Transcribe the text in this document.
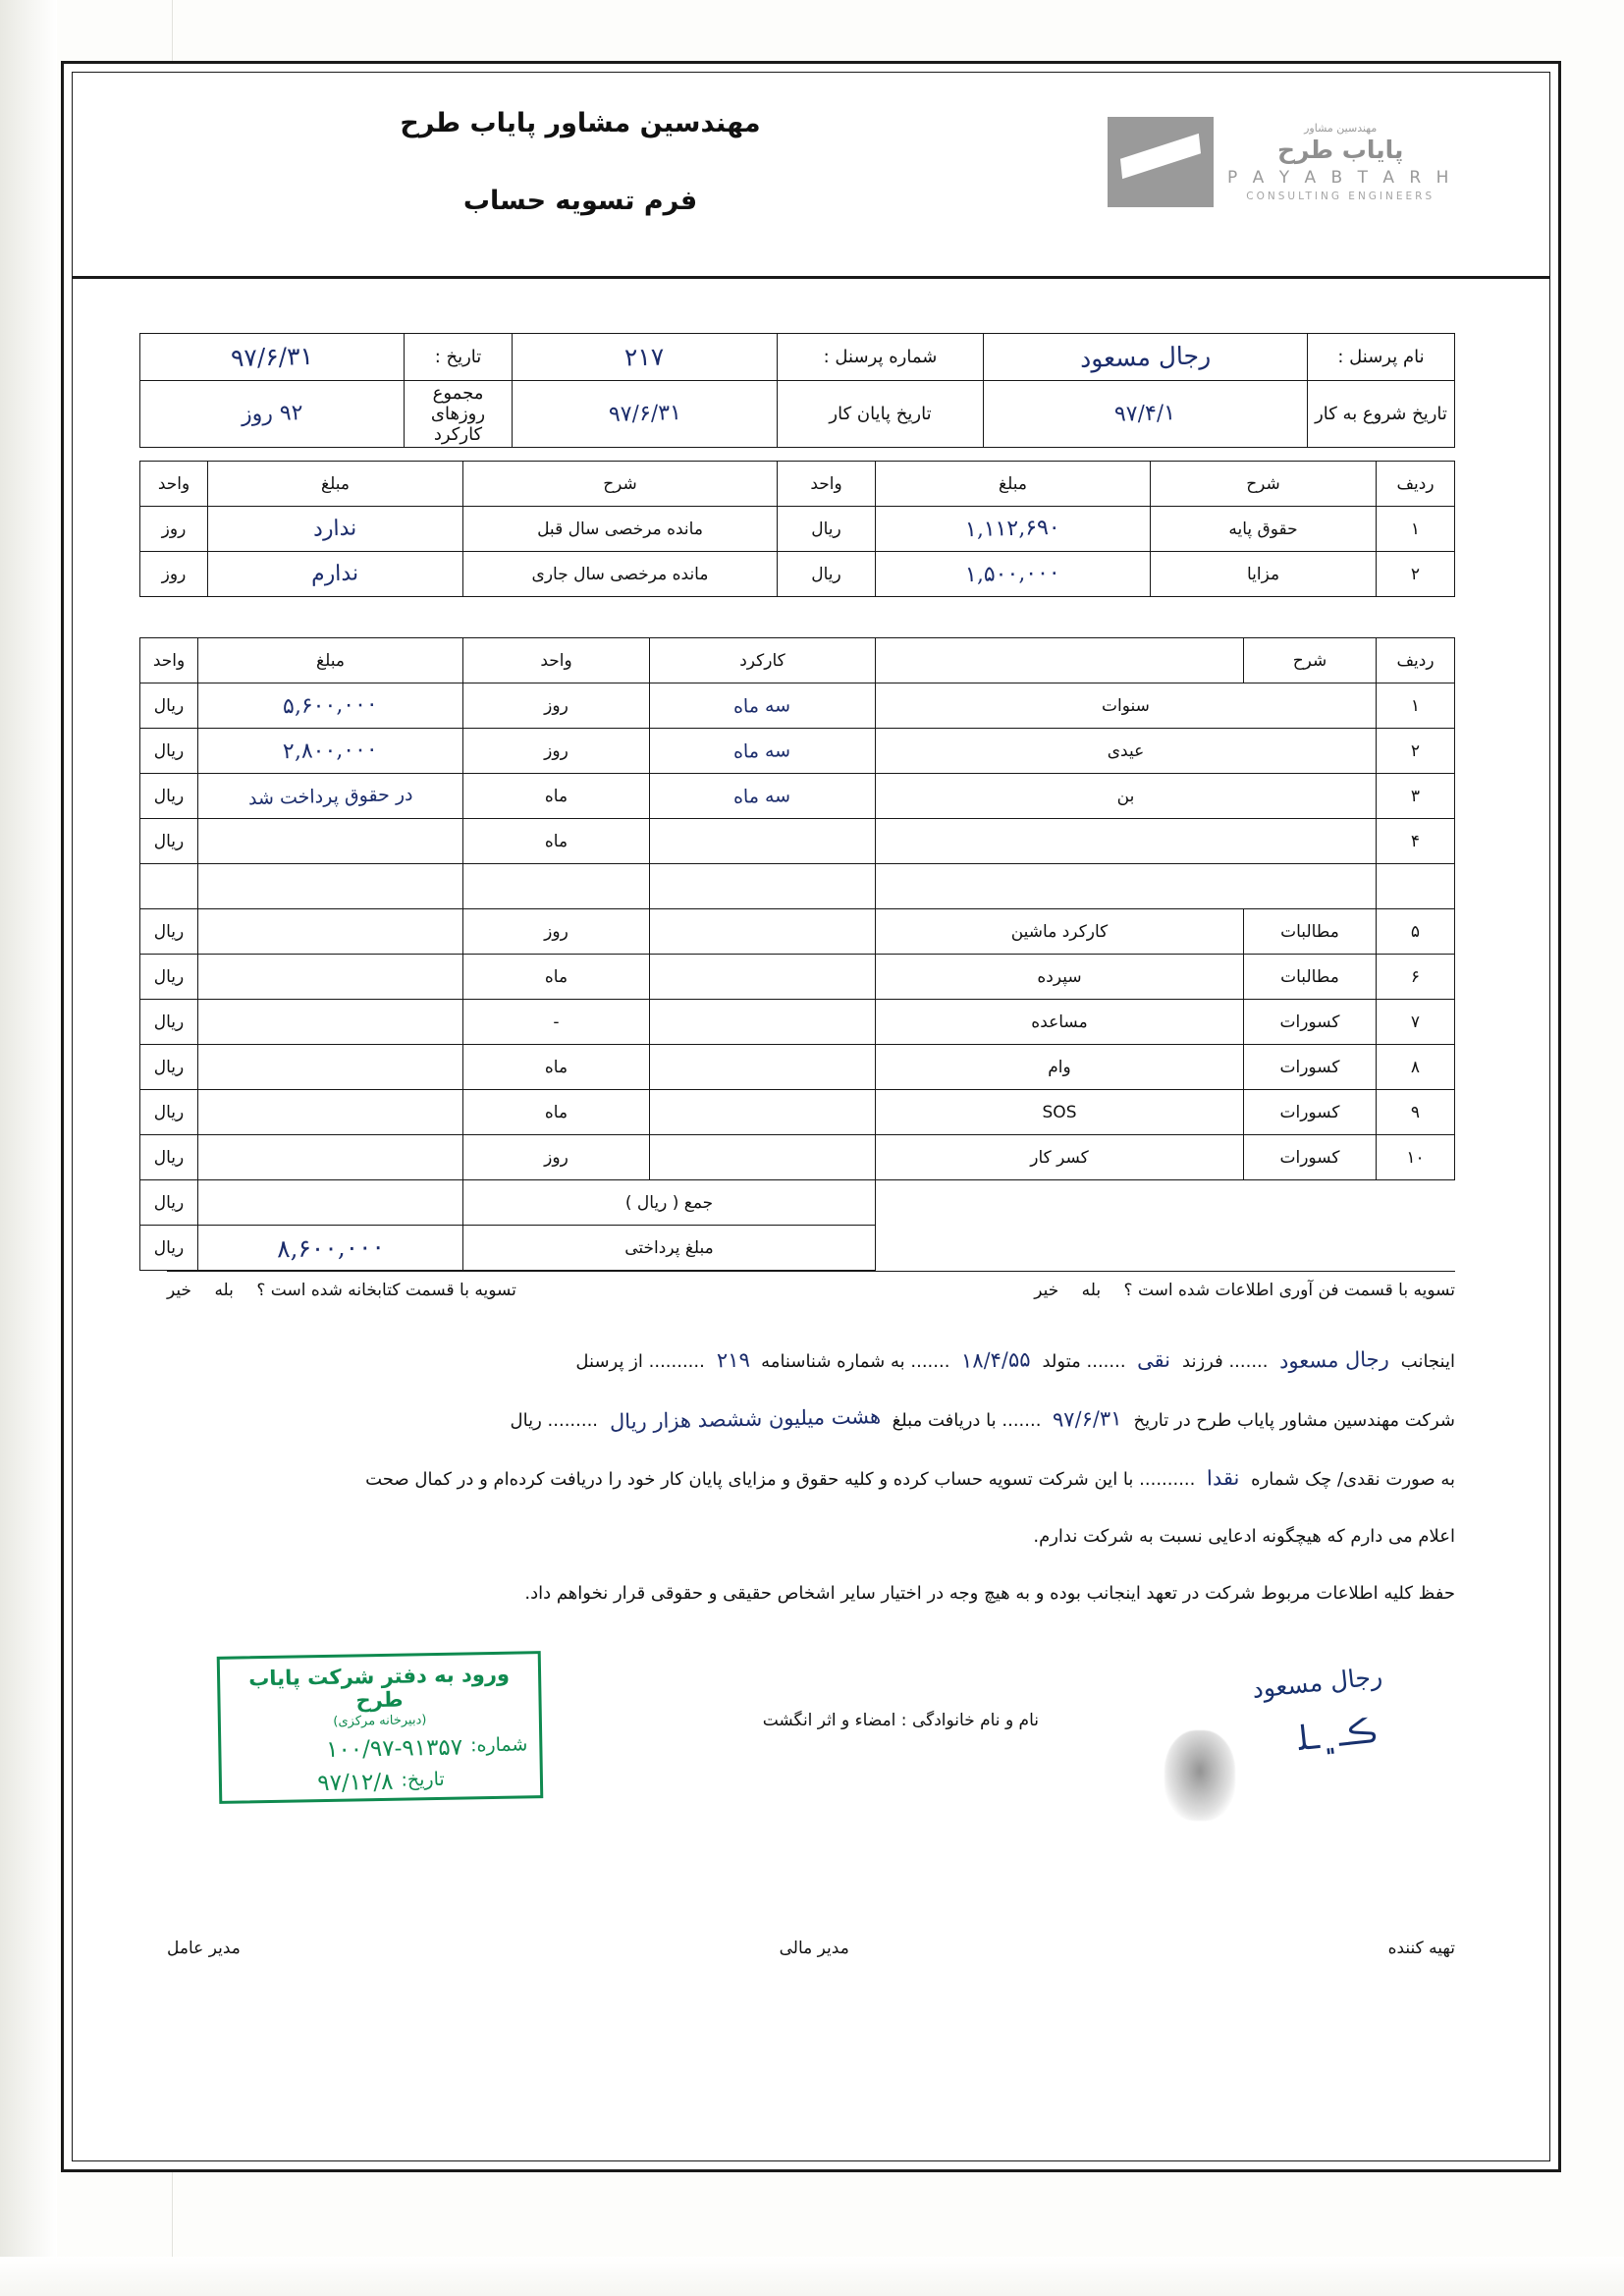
مهندسین مشاور
پایاب طرح
P A Y A B T A R H
CONSULTING ENGINEERS
مهندسین مشاور پایاب طرح
فرم تسویه حساب
نام پرسنل :	رجال مسعود	شماره پرسنل :	۲۱۷	تاریخ :	۹۷/۶/۳۱
تاریخ شروع به کار	۹۷/۴/۱	تاریخ پایان کار	۹۷/۶/۳۱	مجموع روزهای کارکرد	۹۲ روز
ردیف	شرح	مبلغ	واحد	شرح	مبلغ	واحد
۱	حقوق پایه	۱,۱۱۲,۶۹۰	ریال	مانده مرخصی سال قبل	ندارد	روز
۲	مزایا	۱,۵۰۰,۰۰۰	ریال	مانده مرخصی سال جاری	ندارم	روز
ردیف	شرح		کارکرد	واحد	مبلغ	واحد
۱	سنوات		سه ماه	روز	۵,۶۰۰,۰۰۰	ریال
۲	عیدی		سه ماه	روز	۲,۸۰۰,۰۰۰	ریال
۳	بن		سه ماه	ماه	در حقوق پرداخت شد	ریال
۴				ماه		ریال

۵	مطالبات	کارکرد ماشین		روز		ریال
۶	مطالبات	سپرده		ماه		ریال
۷	کسورات	مساعده		-		ریال
۸	کسورات	وام		ماه		ریال
۹	کسورات	SOS		ماه		ریال
۱۰	کسورات	کسر کار		روز		ریال
			جمع ( ریال )			ریال
			مبلغ پرداختی		۸,۶۰۰,۰۰۰	ریال
تسویه با قسمت فن آوری اطلاعات شده است ؟ بله خیر
تسویه با قسمت کتابخانه شده است ؟ بله خیر
اینجانب رجال مسعود ....... فرزند نقی ....... متولد ۱۸/۴/۵۵ ....... به شماره شناسنامه ۲۱۹ .......... از پرسنل
شرکت مهندسین مشاور پایاب طرح در تاریخ ۹۷/۶/۳۱ ....... با دریافت مبلغ هشت میلیون ششصد هزار ریال ......... ریال
به صورت نقدی/ چک شماره نقدا .......... با این شرکت تسویه حساب کرده و کلیه حقوق و مزایای پایان کار خود را دریافت کرده‌ام و در کمال صحت
اعلام می دارم که هیچگونه ادعایی نسبت به شرکت ندارم.
حفظ کلیه اطلاعات مربوط شرکت در تعهد اینجانب بوده و به هیچ وجه در اختیار سایر اشخاص حقیقی و حقوقی قرار نخواهم داد.
نام و نام خانوادگی : امضاء و اثر انگشت
رجال مسعود
ڪـ﮼ـﻠ
ورود به دفتر شرکت پایاب طرح
(دبیرخانه مرکزی)
شماره:
۱۰۰/۹۷-۹۱۳۵۷
تاریخ:
۹۷/۱۲/۸
تهیه کننده
مدیر مالی
مدیر عامل
